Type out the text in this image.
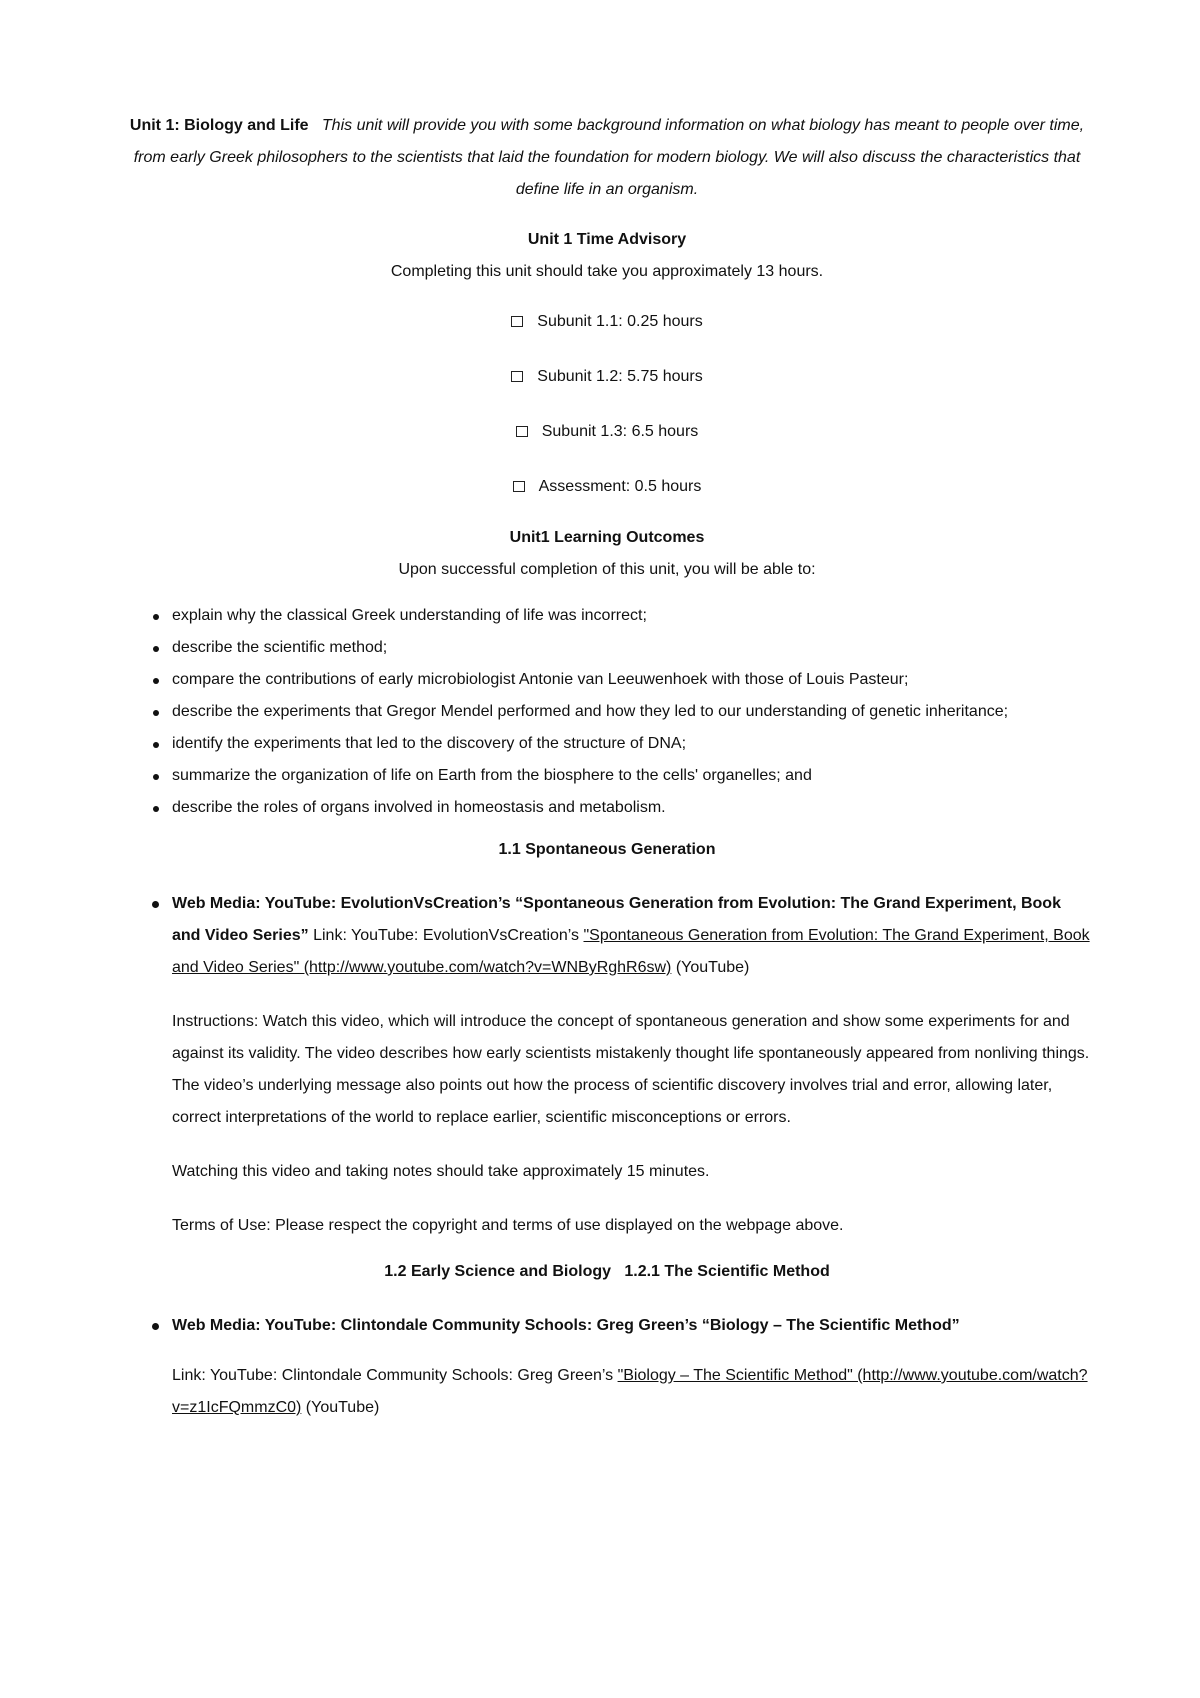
Unit 1: Biology and Life This unit will provide you with some background information on what biology has meant to people over time, from early Greek philosophers to the scientists that laid the foundation for modern biology. We will also discuss the characteristics that define life in an organism.

Unit 1 Time Advisory

Completing this unit should take you approximately 13 hours.

Subunit 1.1: 0.25 hours
Subunit 1.2: 5.75 hours
Subunit 1.3: 6.5 hours
Assessment: 0.5 hours

Unit1 Learning Outcomes

Upon successful completion of this unit, you will be able to:

explain why the classical Greek understanding of life was incorrect;
describe the scientific method;
compare the contributions of early microbiologist Antonie van Leeuwenhoek with those of Louis Pasteur;
describe the experiments that Gregor Mendel performed and how they led to our understanding of genetic inheritance;
identify the experiments that led to the discovery of the structure of DNA;
summarize the organization of life on Earth from the biosphere to the cells' organelles; and
describe the roles of organs involved in homeostasis and metabolism.

1.1 Spontaneous Generation

Web Media: YouTube: EvolutionVsCreation’s “Spontaneous Generation from Evolution: The Grand Experiment, Book and Video Series” Link: YouTube: EvolutionVsCreation’s "Spontaneous Generation from Evolution: The Grand Experiment, Book and Video Series" (http://www.youtube.com/watch?v=WNByRghR6sw) (YouTube)

Instructions: Watch this video, which will introduce the concept of spontaneous generation and show some experiments for and against its validity. The video describes how early scientists mistakenly thought life spontaneously appeared from nonliving things. The video’s underlying message also points out how the process of scientific discovery involves trial and error, allowing later, correct interpretations of the world to replace earlier, scientific misconceptions or errors.

Watching this video and taking notes should take approximately 15 minutes.

Terms of Use: Please respect the copyright and terms of use displayed on the webpage above.

1.2 Early Science and Biology   1.2.1 The Scientific Method

Web Media: YouTube: Clintondale Community Schools: Greg Green’s “Biology – The Scientific Method”

Link: YouTube: Clintondale Community Schools: Greg Green’s "Biology – The Scientific Method" (http://www.youtube.com/watch?v=z1IcFQmmzC0) (YouTube)
